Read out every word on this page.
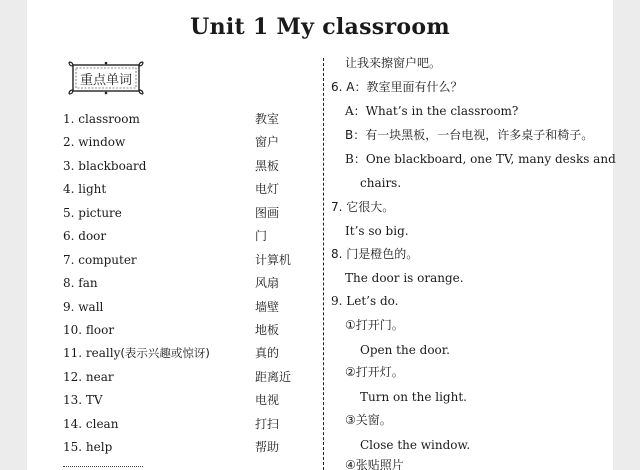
Unit 1 My classroom
重点单词
1. classroom	教室
2. window	窗户
3. blackboard	黑板
4. light	电灯
5. picture	图画
6. door	门
7. computer	计算机
8. fan	风扇
9. wall	墙壁
10. floor	地板
11. really(表示兴趣或惊讶)	真的
12. near	距离近
13. TV	电视
14. clean	打扫
15. help	帮助
让我来擦窗户吧。
6. A：教室里面有什么？
A：What’s in the classroom?
B：有一块黑板，一台电视，许多桌子和椅子。
B：One blackboard, one TV, many desks and
chairs.
7. 它很大。
It’s so big.
8. 门是橙色的。
The door is orange.
9. Let’s do.
①打开门。
Open the door.
②打开灯。
Turn on the light.
③关窗。
Close the window.
④张贴照片
